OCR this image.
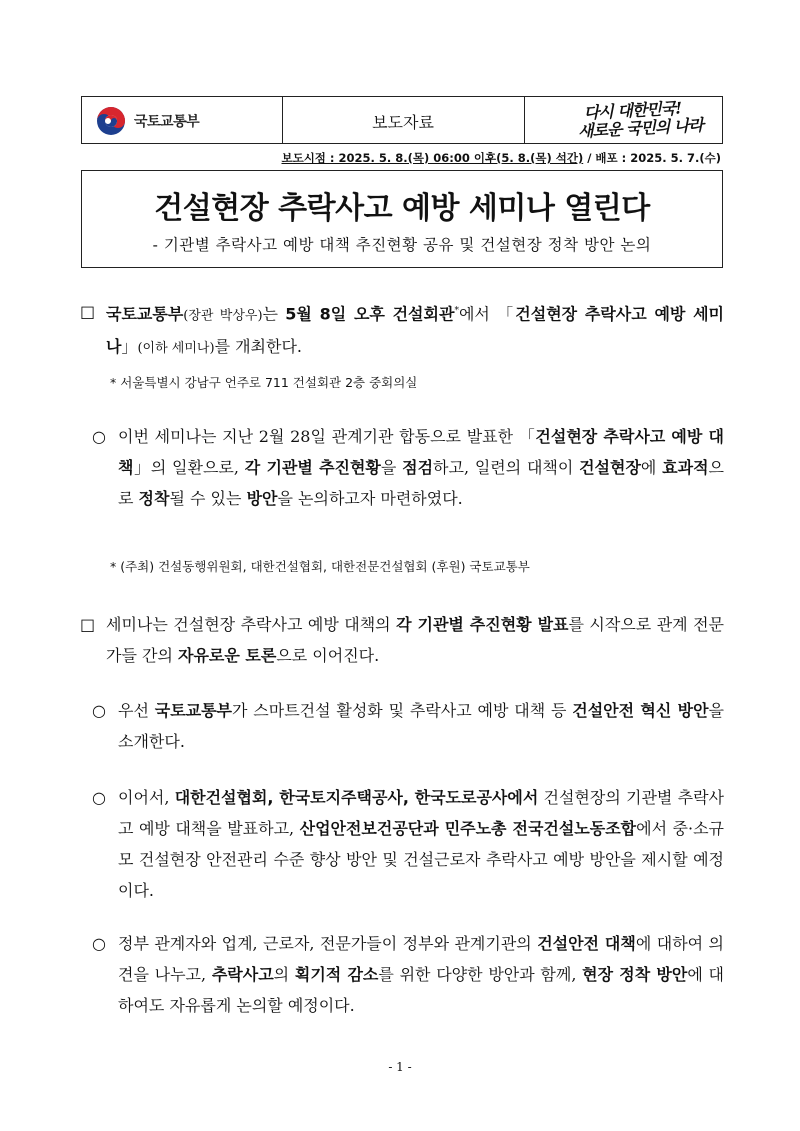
국토교통부	보도자료	다시 대한민국!
새로운 국민의 나라
보도시점 : 2025. 5. 8.(목) 06:00 이후(5. 8.(목) 석간) / 배포 : 2025. 5. 7.(수)
건설현장 추락사고 예방 세미나 열린다
- 기관별 추락사고 예방 대책 추진현황 공유 및 건설현장 정착 방안 논의
□ 국토교통부(장관 박상우)는 5월 8일 오후 건설회관*에서 「건설현장 추락사고 예방 세미나」(이하 세미나)를 개최한다.
* 서울특별시 강남구 언주로 711 건설회관 2층 중회의실
○ 이번 세미나는 지난 2월 28일 관계기관 합동으로 발표한 「건설현장 추락사고 예방 대책」의 일환으로, 각 기관별 추진현황을 점검하고, 일련의 대책이 건설현장에 효과적으로 정착될 수 있는 방안을 논의하고자 마련하였다.
* (주최) 건설동행위원회, 대한건설협회, 대한전문건설협회 (후원) 국토교통부
□ 세미나는 건설현장 추락사고 예방 대책의 각 기관별 추진현황 발표를 시작으로 관계 전문가들 간의 자유로운 토론으로 이어진다.
○ 우선 국토교통부가 스마트건설 활성화 및 추락사고 예방 대책 등 건설안전 혁신 방안을 소개한다.
○ 이어서, 대한건설협회, 한국토지주택공사, 한국도로공사에서 건설현장의 기관별 추락사고 예방 대책을 발표하고, 산업안전보건공단과 민주노총 전국건설노동조합에서 중·소규모 건설현장 안전관리 수준 향상 방안 및 건설근로자 추락사고 예방 방안을 제시할 예정이다.
○ 정부 관계자와 업계, 근로자, 전문가들이 정부와 관계기관의 건설안전 대책에 대하여 의견을 나누고, 추락사고의 획기적 감소를 위한 다양한 방안과 함께, 현장 정착 방안에 대하여도 자유롭게 논의할 예정이다.
- 1 -
